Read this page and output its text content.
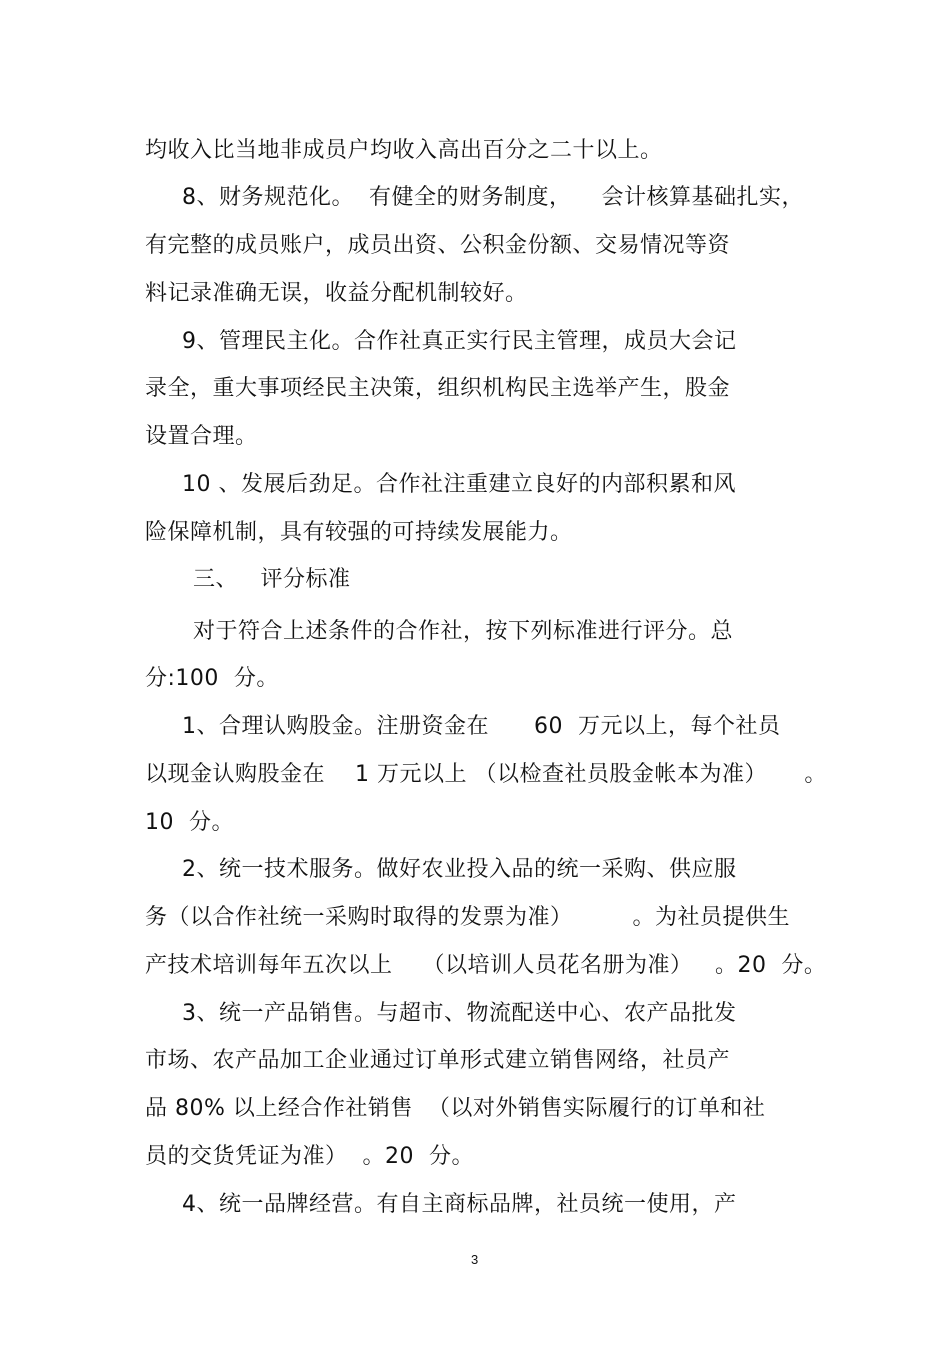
均收入比当地非成员户均收入高出百分之二十以上。
8、财务规范化。  有健全的财务制度，    会计核算基础扎实，
有完整的成员账户，成员出资、公积金份额、交易情况等资
料记录准确无误，收益分配机制较好。
9、管理民主化。合作社真正实行民主管理，成员大会记
录全，重大事项经民主决策，组织机构民主选举产生，股金
设置合理。
10 、发展后劲足。合作社注重建立良好的内部积累和风
险保障机制，具有较强的可持续发展能力。
三、   评分标准
对于符合上述条件的合作社，按下列标准进行评分。总
分:100  分。
1、合理认购股金。注册资金在      60  万元以上，每个社员
以现金认购股金在    1 万元以上 （以检查社员股金帐本为准）     。
10  分。
2、统一技术服务。做好农业投入品的统一采购、供应服
务（以合作社统一采购时取得的发票为准）        。为社员提供生
产技术培训每年五次以上    （以培训人员花名册为准）   。20  分。
3、统一产品销售。与超市、物流配送中心、农产品批发
市场、农产品加工企业通过订单形式建立销售网络，社员产
品 80% 以上经合作社销售  （以对外销售实际履行的订单和社
员的交货凭证为准）  。20  分。
4、统一品牌经营。有自主商标品牌，社员统一使用，产
3
